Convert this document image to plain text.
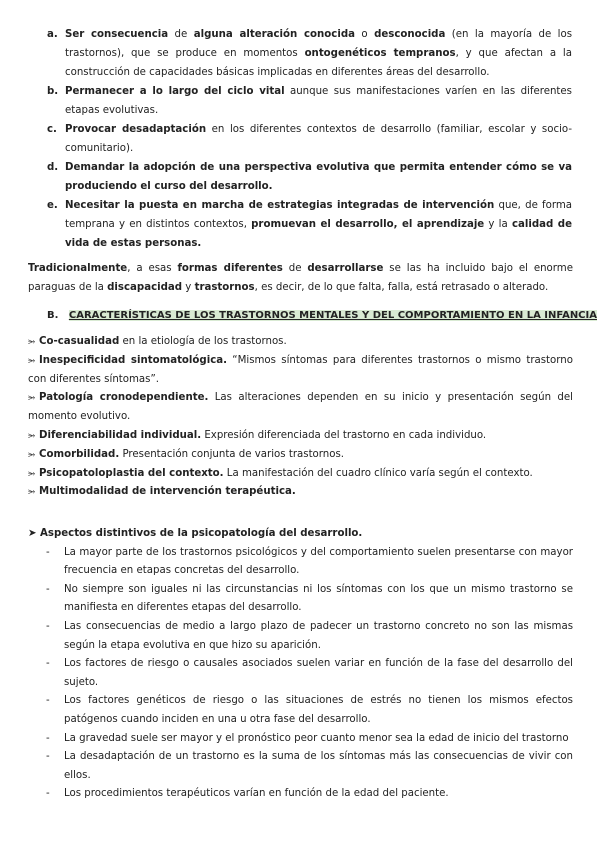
a. Ser consecuencia de alguna alteración conocida o desconocida (en la mayoría de los trastornos), que se produce en momentos ontogenéticos tempranos, y que afectan a la construcción de capacidades básicas implicadas en diferentes áreas del desarrollo.
b. Permanecer a lo largo del ciclo vital aunque sus manifestaciones varíen en las diferentes etapas evolutivas.
c. Provocar desadaptación en los diferentes contextos de desarrollo (familiar, escolar y socio-comunitario).
d. Demandar la adopción de una perspectiva evolutiva que permita entender cómo se va produciendo el curso del desarrollo.
e. Necesitar la puesta en marcha de estrategias integradas de intervención que, de forma temprana y en distintos contextos, promuevan el desarrollo, el aprendizaje y la calidad de vida de estas personas.
Tradicionalmente, a esas formas diferentes de desarrollarse se las ha incluido bajo el enorme paraguas de la discapacidad y trastornos, es decir, de lo que falta, falla, está retrasado o alterado.
B. CARACTERÍSTICAS DE LOS TRASTORNOS MENTALES Y DEL COMPORTAMIENTO EN LA INFANCIA
⭃ Co-casualidad en la etiología de los trastornos.
⭃ Inespecificidad sintomatológica. “Mismos síntomas para diferentes trastornos o mismo trastorno con diferentes síntomas”.
⭃ Patología cronodependiente. Las alteraciones dependen en su inicio y presentación según del momento evolutivo.
⭃ Diferenciabilidad individual. Expresión diferenciada del trastorno en cada individuo.
⭃ Comorbilidad. Presentación conjunta de varios trastornos.
⭃ Psicopatoloplastia del contexto. La manifestación del cuadro clínico varía según el contexto.
⭃ Multimodalidad de intervención terapéutica.
➤ Aspectos distintivos de la psicopatología del desarrollo.
- La mayor parte de los trastornos psicológicos y del comportamiento suelen presentarse con mayor frecuencia en etapas concretas del desarrollo.
- No siempre son iguales ni las circunstancias ni los síntomas con los que un mismo trastorno se manifiesta en diferentes etapas del desarrollo.
- Las consecuencias de medio a largo plazo de padecer un trastorno concreto no son las mismas según la etapa evolutiva en que hizo su aparición.
- Los factores de riesgo o causales asociados suelen variar en función de la fase del desarrollo del sujeto.
- Los factores genéticos de riesgo o las situaciones de estrés no tienen los mismos efectos patógenos cuando inciden en una u otra fase del desarrollo.
- La gravedad suele ser mayor y el pronóstico peor cuanto menor sea la edad de inicio del trastorno
- La desadaptación de un trastorno es la suma de los síntomas más las consecuencias de vivir con ellos.
- Los procedimientos terapéuticos varían en función de la edad del paciente.
